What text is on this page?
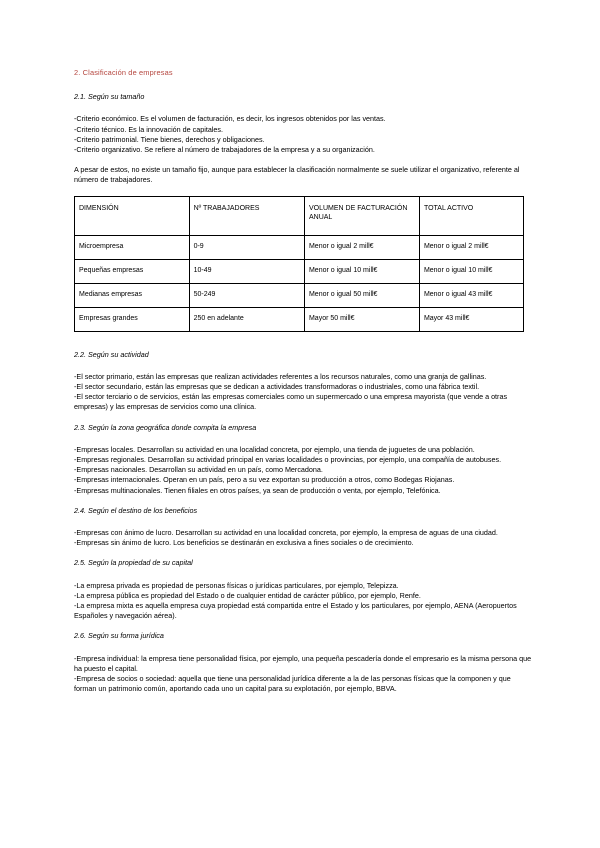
2. Clasificación de empresas
2.1. Según su tamaño
-Criterio económico. Es el volumen de facturación, es decir, los ingresos obtenidos por las ventas.
-Criterio técnico. Es la innovación de capitales.
-Criterio patrimonial. Tiene bienes, derechos y obligaciones.
-Criterio organizativo. Se refiere al número de trabajadores de la empresa y a su organización.
A pesar de estos, no existe un tamaño fijo, aunque para establecer la clasificación normalmente se suele utilizar el organizativo, referente al número de trabajadores.
DIMENSIÓN	Nº TRABAJADORES	VOLUMEN DE FACTURACIÓN ANUAL	TOTAL ACTIVO
Microempresa	0-9	Menor o igual 2 mill€	Menor o igual 2 mill€
Pequeñas empresas	10-49	Menor o igual 10 mill€	Menor o igual 10 mill€
Medianas empresas	50-249	Menor o igual 50 mill€	Menor o igual 43 mill€
Empresas grandes	250 en adelante	Mayor 50 mill€	Mayor 43 mill€
2.2. Según su actividad
-El sector primario, están las empresas que realizan actividades referentes a los recursos naturales, como una granja de gallinas.
-El sector secundario, están las empresas que se dedican a actividades transformadoras o industriales, como una fábrica textil.
-El sector terciario o de servicios, están las empresas comerciales como un supermercado o una empresa mayorista (que vende a otras empresas) y las empresas de servicios como una clínica.
2.3. Según la zona geográfica donde compita la empresa
-Empresas locales. Desarrollan su actividad en una localidad concreta, por ejemplo, una tienda de juguetes de una población.
-Empresas regionales. Desarrollan su actividad principal en varias localidades o provincias, por ejemplo, una compañía de autobuses.
-Empresas nacionales. Desarrollan su actividad en un país, como Mercadona.
-Empresas internacionales. Operan en un país, pero a su vez exportan su producción a otros, como Bodegas Riojanas.
-Empresas multinacionales. Tienen filiales en otros países, ya sean de producción o venta, por ejemplo, Telefónica.
2.4. Según el destino de los beneficios
-Empresas con ánimo de lucro. Desarrollan su actividad en una localidad concreta, por ejemplo, la empresa de aguas de una ciudad.
-Empresas sin ánimo de lucro. Los beneficios se destinarán en exclusiva a fines sociales o de crecimiento.
2.5. Según la propiedad de su capital
-La empresa privada es propiedad de personas físicas o jurídicas particulares, por ejemplo, Telepizza.
-La empresa pública es propiedad del Estado o de cualquier entidad de carácter público, por ejemplo, Renfe.
-La empresa mixta es aquella empresa cuya propiedad está compartida entre el Estado y los particulares, por ejemplo, AENA (Aeropuertos Españoles y navegación aérea).
2.6. Según su forma jurídica
-Empresa individual: la empresa tiene personalidad física, por ejemplo, una pequeña pescadería donde el empresario es la misma persona que ha puesto el capital.
-Empresa de socios o sociedad: aquella que tiene una personalidad jurídica diferente a la de las personas físicas que la componen y que forman un patrimonio común, aportando cada uno un capital para su explotación, por ejemplo, BBVA.
